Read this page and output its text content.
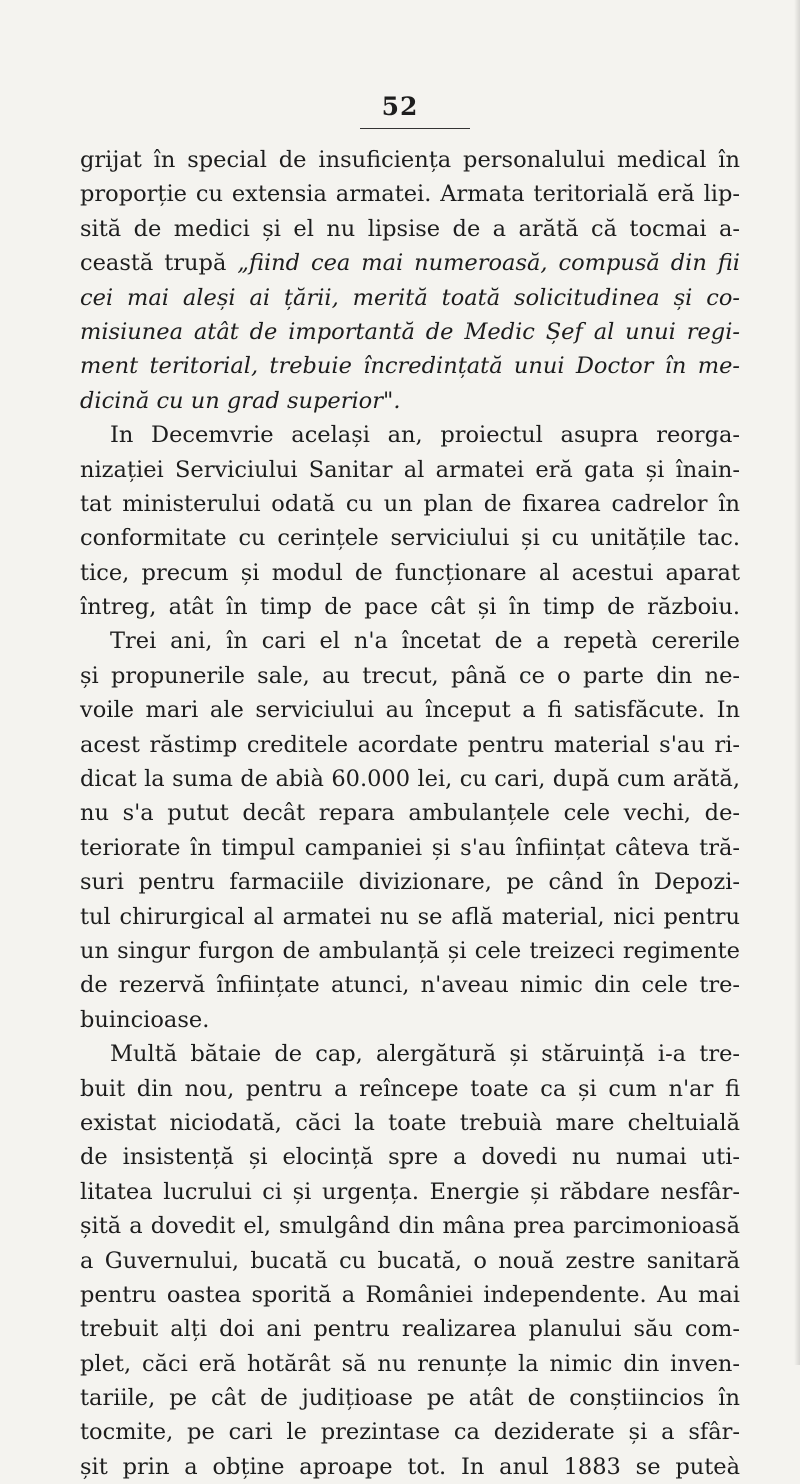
52
grijat în special de insuficiența personalului medical în
proporție cu extensia armatei. Armata teritorială eră lip-
sită de medici și el nu lipsise de a arătă că tocmai a-
ceastă trupă „fiind cea mai numeroasă, compusă din fii
cei mai aleși ai țării, merită toată solicitudinea și co-
misiunea atât de importantă de Medic Șef al unui regi-
ment teritorial, trebuie încredințată unui Doctor în me-
dicină cu un grad superior".
In Decemvrie același an, proiectul asupra reorga-
nizației Serviciului Sanitar al armatei eră gata și înain-
tat ministerului odată cu un plan de fixarea cadrelor în
conformitate cu cerințele serviciului și cu unitățile tac.
tice, precum și modul de funcționare al acestui aparat
întreg, atât în timp de pace cât și în timp de războiu.
Trei ani, în cari el n'a încetat de a repetà cererile
și propunerile sale, au trecut, până ce o parte din ne-
voile mari ale serviciului au început a fi satisfăcute. In
acest răstimp creditele acordate pentru material s'au ri-
dicat la suma de abià 60.000 lei, cu cari, după cum arătă,
nu s'a putut decât repara ambulanțele cele vechi, de-
teriorate în timpul campaniei și s'au înființat câteva tră-
suri pentru farmaciile divizionare, pe când în Depozi-
tul chirurgical al armatei nu se află material, nici pentru
un singur furgon de ambulanță și cele treizeci regimente
de rezervă înființate atunci, n'aveau nimic din cele tre-
buincioase.
Multă bătaie de cap, alergătură și stăruință i-a tre-
buit din nou, pentru a reîncepe toate ca și cum n'ar fi
existat niciodată, căci la toate trebuià mare cheltuială
de insistență și elocință spre a dovedi nu numai uti-
litatea lucrului ci și urgența. Energie și răbdare nesfâr-
șită a dovedit el, smulgând din mâna prea parcimonioasă
a Guvernului, bucată cu bucată, o nouă zestre sanitară
pentru oastea sporită a României independente. Au mai
trebuit alți doi ani pentru realizarea planului său com-
plet, căci eră hotărât să nu renunțe la nimic din inven-
tariile, pe cât de judițioase pe atât de conștiincios în
tocmite, pe cari le prezintase ca deziderate și a sfâr-
șit prin a obține aproape tot. In anul 1883 se puteà
